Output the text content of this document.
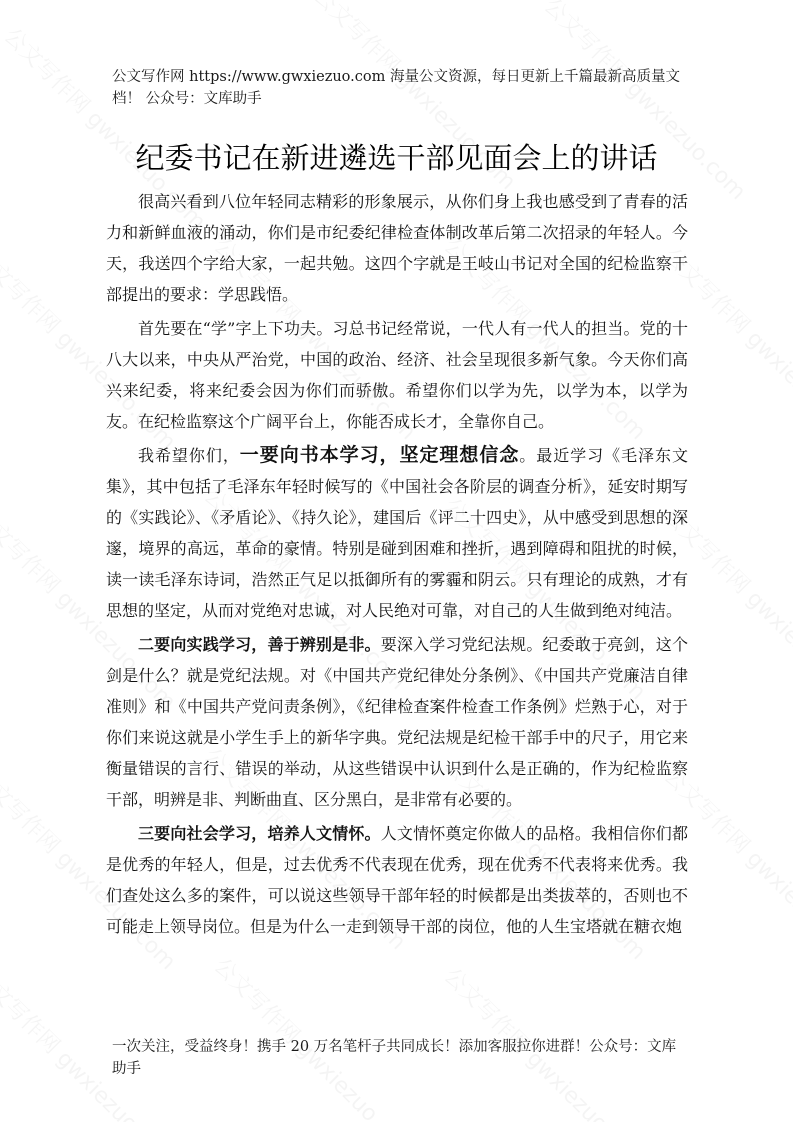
公文写作网 https://www.gwxiezuo.com 海量公文资源，每日更新上千篇最新高质量文档！ 公众号：文库助手
纪委书记在新进遴选干部见面会上的讲话

很高兴看到八位年轻同志精彩的形象展示，从你们身上我也感受到了青春的活力和新鲜血液的涌动，你们是市纪委纪律检查体制改革后第二次招录的年轻人。今天，我送四个字给大家，一起共勉。这四个字就是王岐山书记对全国的纪检监察干部提出的要求：学思践悟。

首先要在“学”字上下功夫。习总书记经常说，一代人有一代人的担当。党的十八大以来，中央从严治党，中国的政治、经济、社会呈现很多新气象。今天你们高兴来纪委，将来纪委会因为你们而骄傲。希望你们以学为先，以学为本，以学为友。在纪检监察这个广阔平台上，你能否成长才，全靠你自己。

我希望你们，一要向书本学习，坚定理想信念。最近学习《毛泽东文集》，其中包括了毛泽东年轻时候写的《中国社会各阶层的调查分析》，延安时期写的《实践论》、《矛盾论》、《持久论》，建国后《评二十四史》，从中感受到思想的深邃，境界的高远，革命的豪情。特别是碰到困难和挫折，遇到障碍和阻扰的时候，读一读毛泽东诗词，浩然正气足以抵御所有的雾霾和阴云。只有理论的成熟，才有思想的坚定，从而对党绝对忠诚，对人民绝对可靠，对自己的人生做到绝对纯洁。

二要向实践学习，善于辨别是非。要深入学习党纪法规。纪委敢于亮剑，这个剑是什么？就是党纪法规。对《中国共产党纪律处分条例》、《中国共产党廉洁自律准则》和《中国共产党问责条例》，《纪律检查案件检查工作条例》烂熟于心，对于你们来说这就是小学生手上的新华字典。党纪法规是纪检干部手中的尺子，用它来衡量错误的言行、错误的举动，从这些错误中认识到什么是正确的，作为纪检监察干部，明辨是非、判断曲直、区分黑白，是非常有必要的。

三要向社会学习，培养人文情怀。人文情怀奠定你做人的品格。我相信你们都是优秀的年轻人，但是，过去优秀不代表现在优秀，现在优秀不代表将来优秀。我们查处这么多的案件，可以说这些领导干部年轻的时候都是出类拔萃的，否则也不可能走上领导岗位。但是为什么一走到领导干部的岗位，他的人生宝塔就在糖衣炮

一次关注，受益终身！携手 20 万名笔杆子共同成长！添加客服拉你进群！公众号：文库助手
